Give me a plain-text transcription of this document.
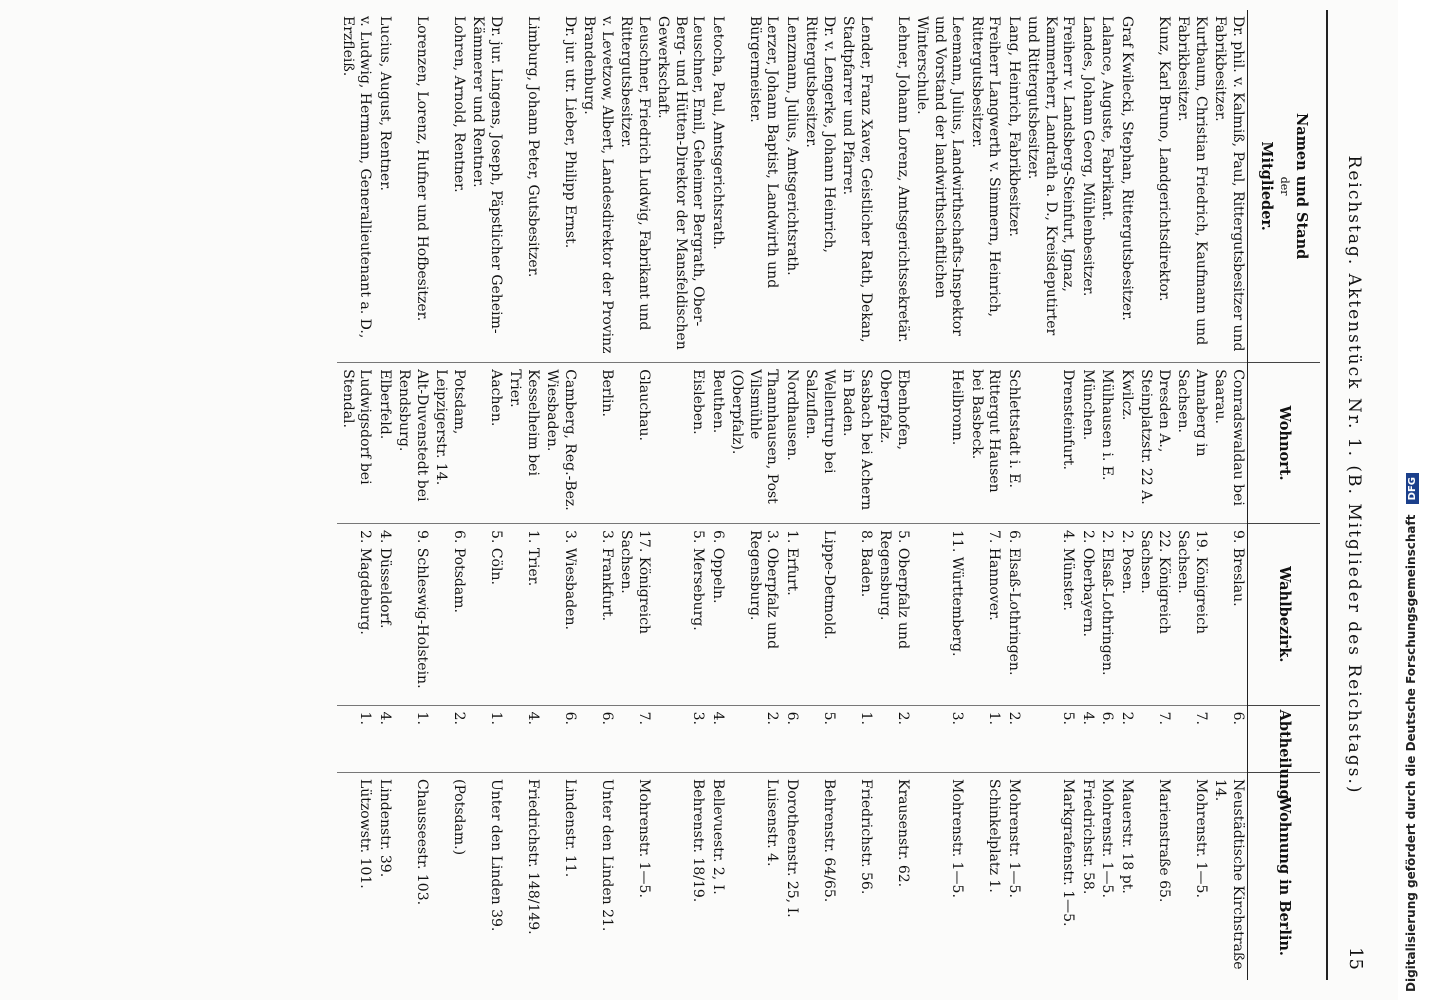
Digitalisierung gefördert durch die Deutsche Forschungsgemeinschaft DFG
Reichstag. Aktenstück Nr. 1. (B. Mitglieder des Reichstags.)
15
Namen und Stand
der
Mitglieder.	Wohnort.	Wahlbezirk.	Abtheilung.	Wohnung in Berlin.
Dr. phil. v. Kalmiß, Paul, Rittergutsbesitzer und Fabrikbesitzer.	Conradswaldau bei Saarau.	9. Breslau.	6.	Neustädtische Kirchstraße 14.
Kurtbaum, Christian Friedrich, Kaufmann und Fabrikbesitzer.	Annaberg in Sachsen.	19. Königreich Sachsen.	7.	Mohrenstr. 1—5.
Kunz, Karl Bruno, Landgerichtsdirektor.	Dresden A., Steinplatzstr. 22 A.	22. Königreich Sachsen.	7.	Marienstraße 65.
Graf Kwilecki, Stephan, Rittergutsbesitzer.	Kwilcz.	2. Posen.	2.	Mauerstr. 18 pt.
Lalance, Auguste, Fabrikant.	Mülhausen i. E.	2. Elsaß-Lothringen.	6.	Mohrenstr. 1—5.
Landes, Johann Georg, Mühlenbesitzer.	München.	2. Oberbayern.	4.	Friedrichstr. 58.
Freiherr v. Landsberg-Steinfurt, Ignaz, Kammerherr, Landrath a. D., Kreisdeputirter und Rittergutsbesitzer.	Drensteinfurt.	4. Münster.	5.	Markgrafenstr. 1—5.
Lang, Heinrich, Fabrikbesitzer.	Schlettstadt i. E.	6. Elsaß-Lothringen.	2.	Mohrenstr. 1—5.
Freiherr Langwerth v. Simmern, Heinrich, Rittergutsbesitzer.	Rittergut Hausen bei Basbeck.	7. Hannover.	1.	Schinkelplatz 1.
Leemann, Julius, Landwirthschafts-Inspektor und Vorstand der landwirthschaftlichen Winterschule.	Heilbronn.	11. Württemberg.	3.	Mohrenstr. 1—5.
Lehner, Johann Lorenz, Amtsgerichtssekretär.	Ebenhofen, Oberpfalz.	5. Oberpfalz und Regensburg.	2.	Krausenstr. 62.
Lender, Franz Xaver, Geistlicher Rath, Dekan, Stadtpfarrer und Pfarrer.	Sasbach bei Achern in Baden.	8. Baden.	1.	Friedrichstr. 56.
Dr. v. Lengerke, Johann Heinrich, Rittergutsbesitzer.	Wellentrup bei Salzuflen.	Lippe-Detmold.	5.	Behrenstr. 64/65.
Lenzmann, Julius, Amtsgerichtsrath.	Nordhausen.	1. Erfurt.	6.	Dorotheenstr. 25, I.
Lerzer, Johann Baptist, Landwirth und Bürgermeister.	Thannhausen, Post Vilsmühle (Oberpfalz).	3. Oberpfalz und Regensburg.	2.	Luisenstr. 4.
Letocha, Paul, Amtsgerichtsrath.	Beuthen.	6. Oppeln.	4.	Bellevuestr. 2, I.
Leuschner, Emil, Geheimer Bergrath, Ober-Berg- und Hütten-Direktor der Mansfeldischen Gewerkschaft.	Eisleben.	5. Merseburg.	3.	Behrenstr. 18/19.
Leuschner, Friedrich Ludwig, Fabrikant und Rittergutsbesitzer.	Glauchau.	17. Königreich Sachsen.	7.	Mohrenstr. 1—5.
v. Levetzow, Albert, Landesdirektor der Provinz Brandenburg.	Berlin.	3. Frankfurt.	6.	Unter den Linden 21.
Dr. jur. utr. Lieber, Philipp Ernst.	Camberg, Reg.-Bez. Wiesbaden.	3. Wiesbaden.	6.	Lindenstr. 11.
Limburg, Johann Peter, Gutsbesitzer.	Kesselheim bei Trier.	1. Trier.	4.	Friedrichstr. 148/149.
Dr. jur. Lingens, Joseph, Päpstlicher Geheim-Kämmerer und Rentner.	Aachen.	5. Cöln.	1.	Unter den Linden 39.
Lohren, Arnold, Rentner.	Potsdam, Leipzigerstr. 14.	6. Potsdam.	2.	(Potsdam.)
Lorenzen, Lorenz, Hufner und Hofbesitzer.	Alt-Duvenstedt bei Rendsburg.	9. Schleswig-Holstein.	1.	Chausseestr. 103.
Lucius, August, Rentner.	Elberfeld.	4. Düsseldorf.	4.	Lindenstr. 39.
v. Ludwig, Hermann, Generallieutenant a. D., Erzfleiß.	Ludwigsdorf bei Stendal.	2. Magdeburg.	1.	Lützowstr. 101.
